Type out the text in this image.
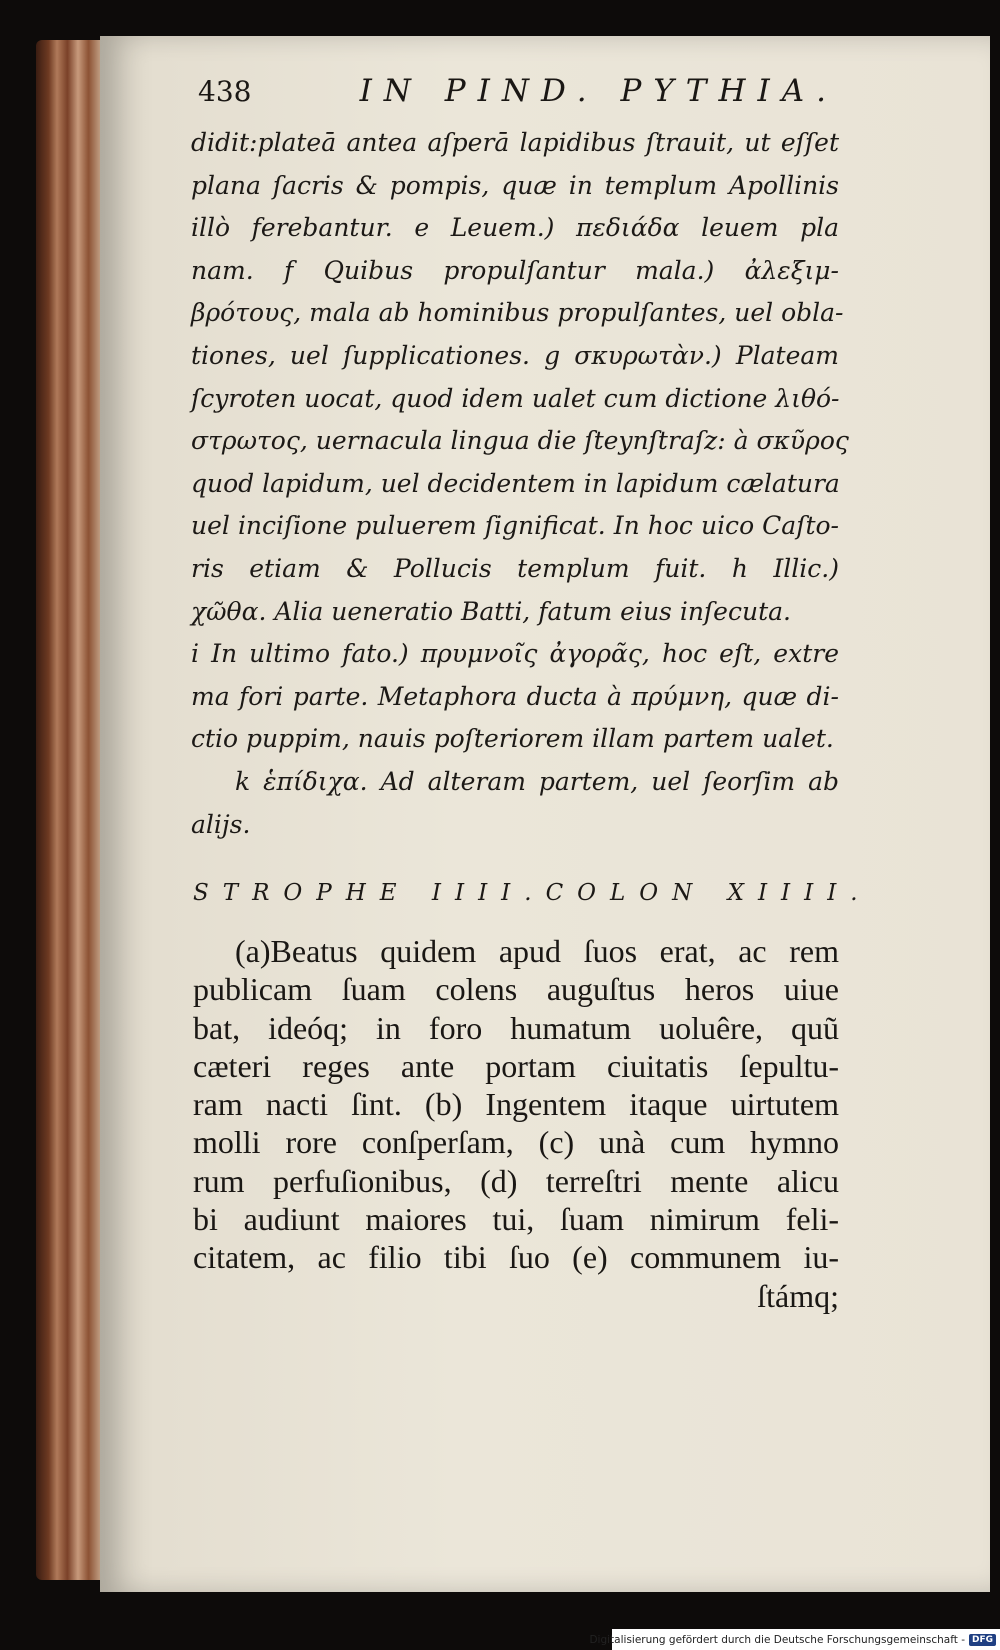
438	IN PIND. PYTHIA.
didit:plateā antea aſperā lapidibus ſtrauit, ut eſſet
plana ſacris & pompis, quæ in templum Apollinis
illò ferebantur. e Leuem.) πεδιάδα leuem pla
nam. f Quibus propulſantur mala.) ἀλεξιμ-
βρότους, mala ab hominibus propulſantes, uel obla-
tiones, uel ſupplicationes. g σκυρωτὰν.) Plateam
ſcyroten uocat, quod idem ualet cum dictione λιθό-
στρωτος, uernacula lingua die ſteynſtraſz: à σκῦρος
quod lapidum, uel decidentem in lapidum cælatura
uel inciſione puluerem ſignificat. In hoc uico Caſto-
ris etiam & Pollucis templum fuit. h Illic.)
χῶθα. Alia ueneratio Batti, fatum eius inſecuta.
i In ultimo fato.) πρυμνοῖς ἀγορᾶς, hoc eſt, extre
ma fori parte. Metaphora ducta à πρύμνη, quæ di-
ctio puppim, nauis poſteriorem illam partem ualet.
k ἑπίδιχα. Ad alteram partem, uel ſeorſim ab
alijs.
STROPHE IIII. COLON XIIII.
(a)Beatus quidem apud ſuos erat, ac rem
publicam ſuam colens auguſtus heros uiue
bat, ideóq; in foro humatum uoluêre, quũ
cæteri reges ante portam ciuitatis ſepultu-
ram nacti ſint. (b) Ingentem itaque uirtutem
molli rore conſperſam, (c) unà cum hymno
rum perfuſionibus, (d) terreſtri mente alicu
bi audiunt maiores tui, ſuam nimirum feli-
citatem, ac filio tibi ſuo (e) communem iu-
ſtámq;
Digitalisierung gefördert durch die Deutsche Forschungsgemeinschaft - DFG
